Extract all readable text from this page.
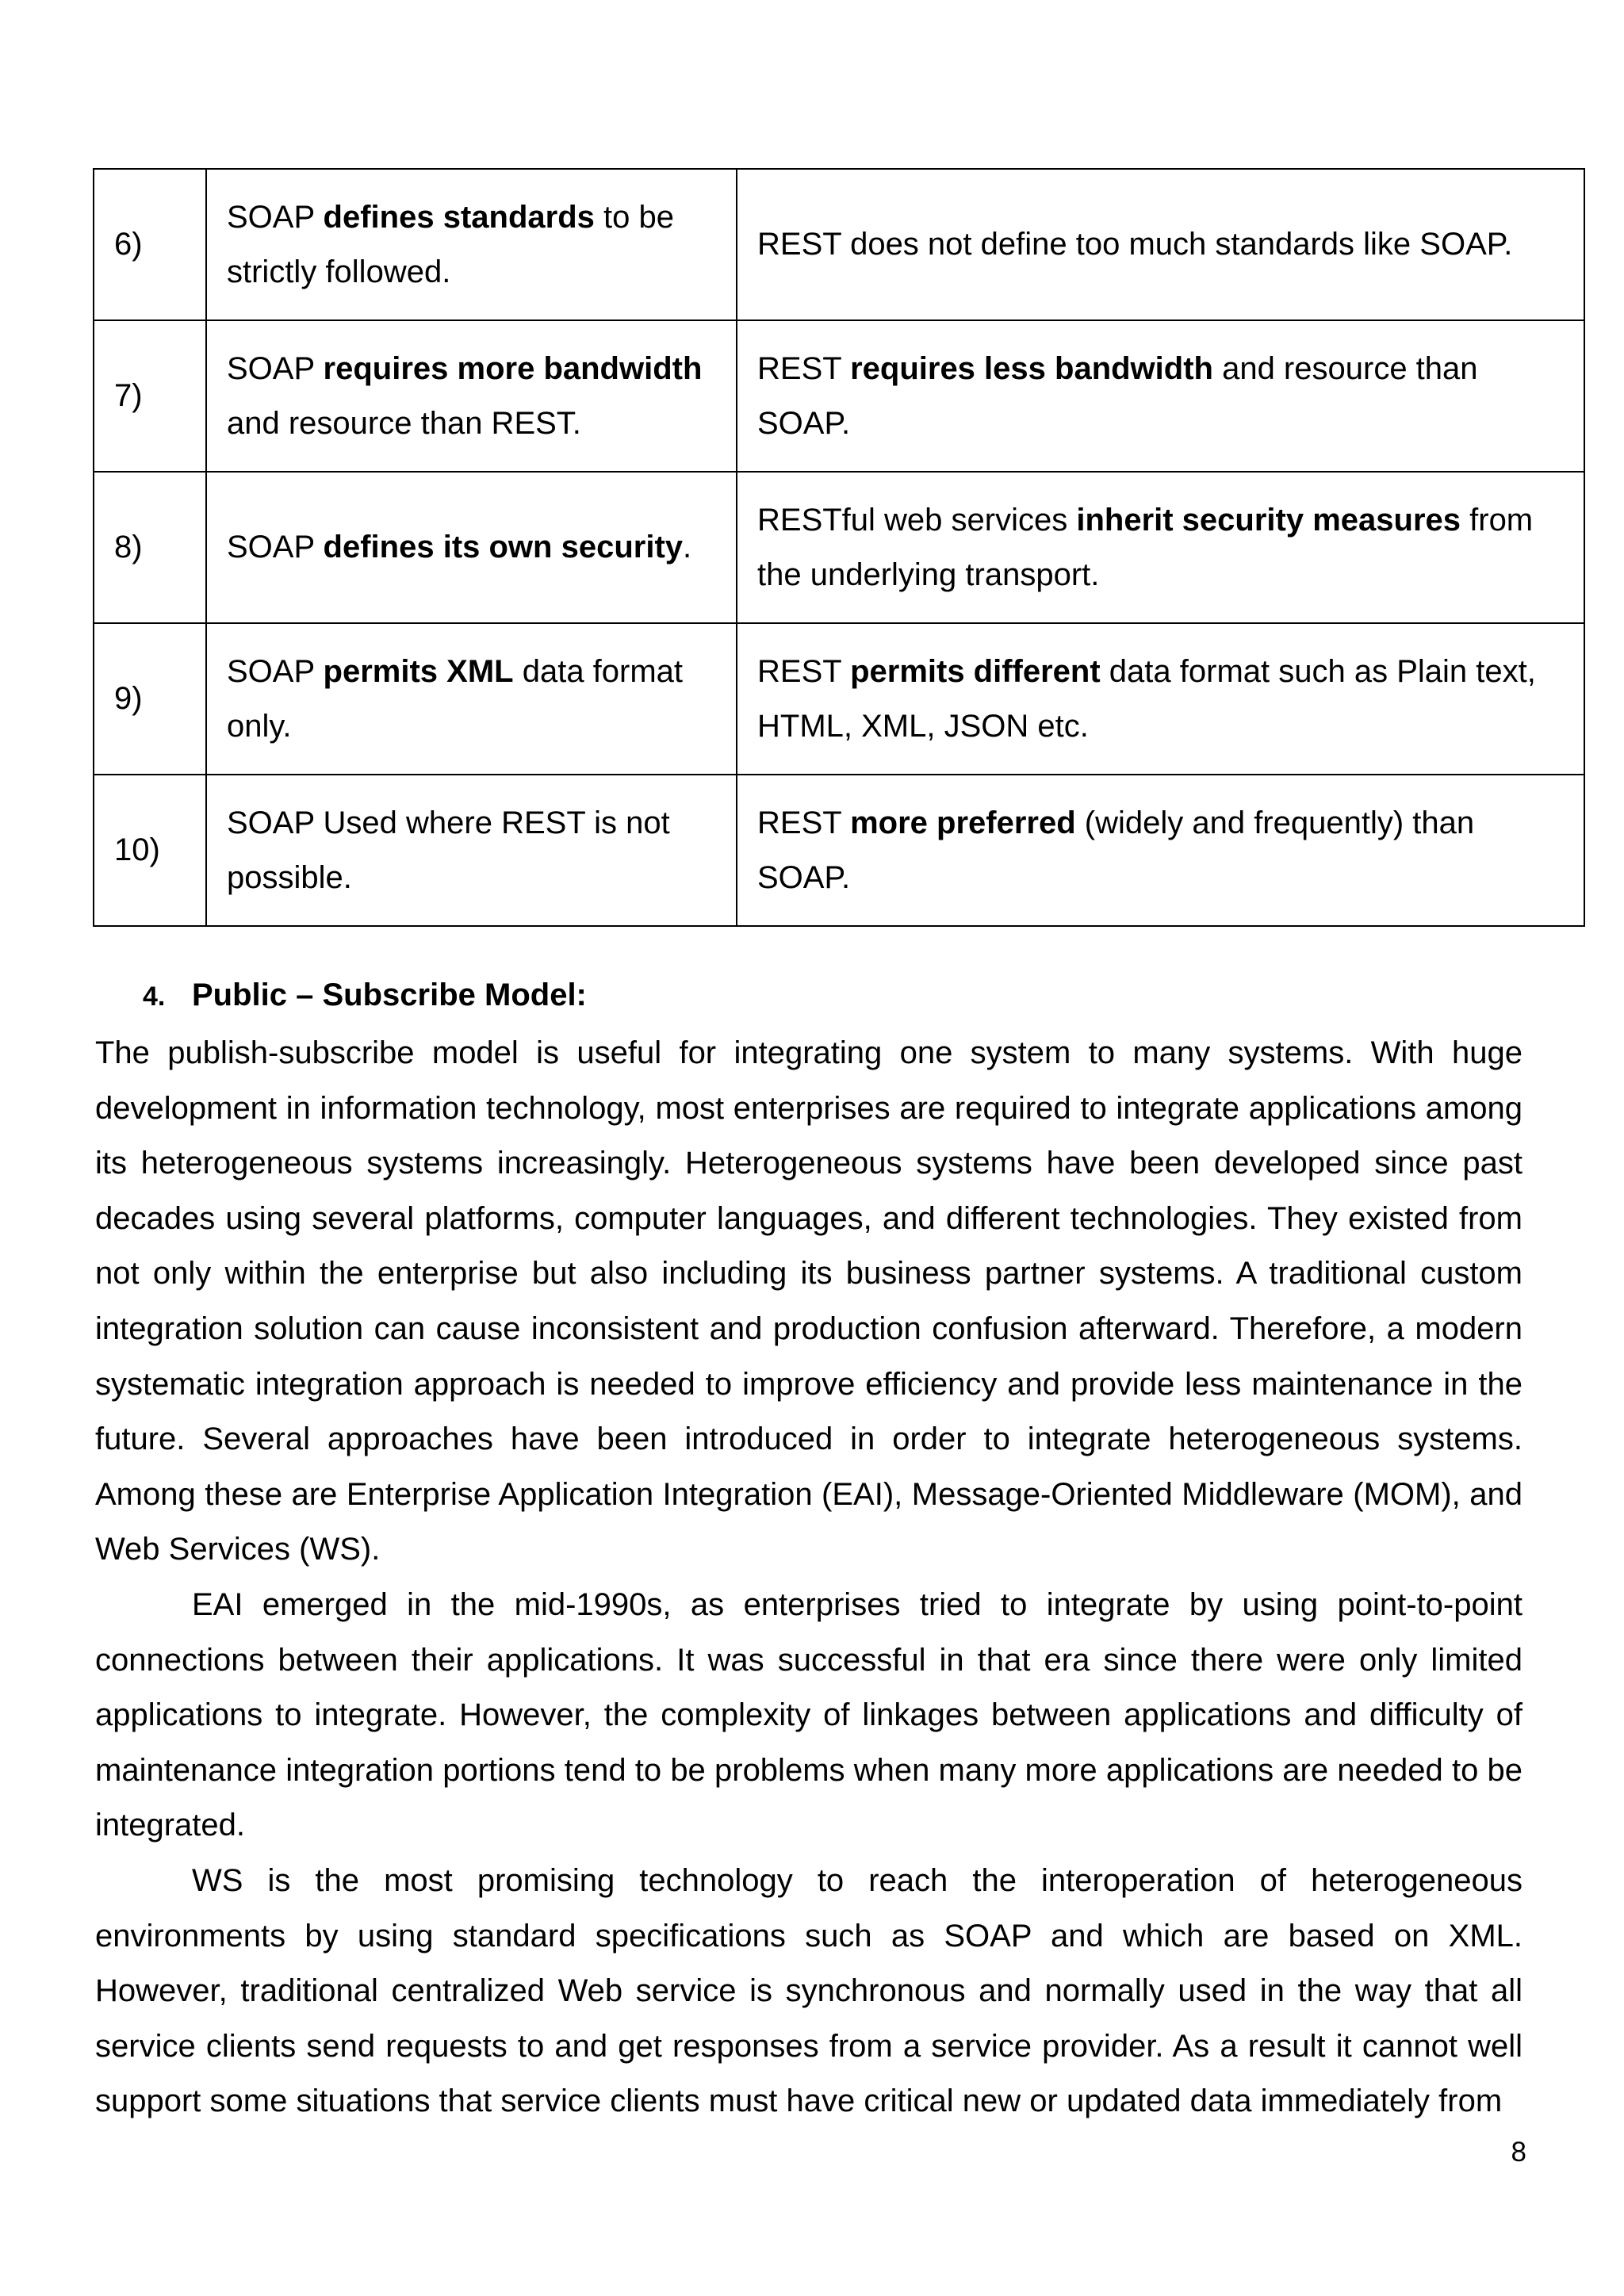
6)	SOAP defines standards to be strictly followed.	REST does not define too much standards like SOAP.
7)	SOAP requires more bandwidth and resource than REST.	REST requires less bandwidth and resource than SOAP.
8)	SOAP defines its own security.	RESTful web services inherit security measures from the underlying transport.
9)	SOAP permits XML data format only.	REST permits different data format such as Plain text, HTML, XML, JSON etc.
10)	SOAP Used where REST is not possible.	REST more preferred (widely and frequently) than SOAP.
4. Public – Subscribe Model:

The publish-subscribe model is useful for integrating one system to many systems. With huge development in information technology, most enterprises are required to integrate applications among its heterogeneous systems increasingly. Heterogeneous systems have been developed since past decades using several platforms, computer languages, and different technologies. They existed from not only within the enterprise but also including its business partner systems. A traditional custom integration solution can cause inconsistent and production confusion afterward. Therefore, a modern systematic integration approach is needed to improve efficiency and provide less maintenance in the future. Several approaches have been introduced in order to integrate heterogeneous systems. Among these are Enterprise Application Integration (EAI), Message-Oriented Middleware (MOM), and Web Services (WS).

EAI emerged in the mid-1990s, as enterprises tried to integrate by using point-to-point connections between their applications. It was successful in that era since there were only limited applications to integrate. However, the complexity of linkages between applications and difficulty of maintenance integration portions tend to be problems when many more applications are needed to be integrated.

WS is the most promising technology to reach the interoperation of heterogeneous environments by using standard specifications such as SOAP and which are based on XML. However, traditional centralized Web service is synchronous and normally used in the way that all service clients send requests to and get responses from a service provider. As a result it cannot well support some situations that service clients must have critical new or updated data immediately from

8
